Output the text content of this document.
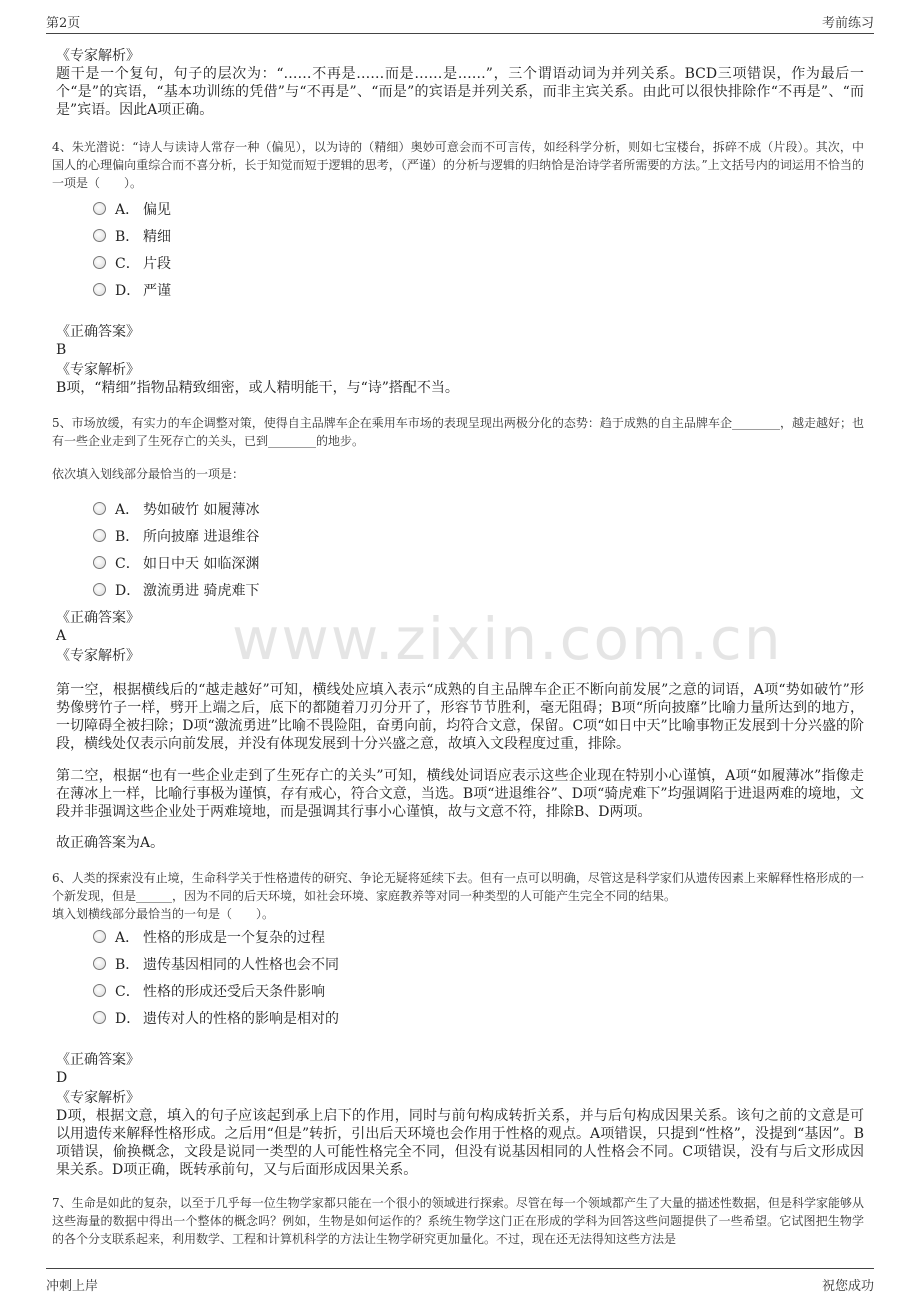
第2页	考前练习
www.zixin.com.cn
《专家解析》
题干是一个复句，句子的层次为：“……不再是……而是……是……”，三个谓语动词为并列关系。BCD三项错误，作为最后一个“是”的宾语，“基本功训练的凭借”与“不再是”、“而是”的宾语是并列关系，而非主宾关系。由此可以很快排除作“不再是”、“而是”宾语。因此A项正确。
4、朱光潜说：“诗人与读诗人常存一种（偏见），以为诗的（精细）奥妙可意会而不可言传，如经科学分析，则如七宝楼台，拆碎不成（片段）。其次，中国人的心理偏向重综合而不喜分析，长于知觉而短于逻辑的思考，（严谨）的分析与逻辑的归纳恰是治诗学者所需要的方法。”上文括号内的词运用不恰当的一项是（　　）。
A． 偏见
B． 精细
C． 片段
D． 严谨
《正确答案》
B
《专家解析》
B项，“精细”指物品精致细密，或人精明能干，与“诗”搭配不当。
5、市场放缓，有实力的车企调整对策，使得自主品牌车企在乘用车市场的表现呈现出两极分化的态势：趋于成熟的自主品牌车企________，越走越好；也有一些企业走到了生死存亡的关头，已到________的地步。
依次填入划线部分最恰当的一项是：
A． 势如破竹 如履薄冰
B． 所向披靡 进退维谷
C． 如日中天 如临深渊
D． 激流勇进 骑虎难下
《正确答案》
A
《专家解析》
第一空，根据横线后的“越走越好”可知，横线处应填入表示“成熟的自主品牌车企正不断向前发展”之意的词语，A项“势如破竹”形势像劈竹子一样，劈开上端之后，底下的都随着刀刃分开了，形容节节胜利，毫无阻碍；B项“所向披靡”比喻力量所达到的地方，一切障碍全被扫除；D项“激流勇进”比喻不畏险阻，奋勇向前，均符合文意，保留。C项“如日中天”比喻事物正发展到十分兴盛的阶段，横线处仅表示向前发展，并没有体现发展到十分兴盛之意，故填入文段程度过重，排除。
第二空，根据“也有一些企业走到了生死存亡的关头”可知，横线处词语应表示这些企业现在特别小心谨慎，A项“如履薄冰”指像走在薄冰上一样，比喻行事极为谨慎，存有戒心，符合文意，当选。B项“进退维谷”、D项“骑虎难下”均强调陷于进退两难的境地，文段并非强调这些企业处于两难境地，而是强调其行事小心谨慎，故与文意不符，排除B、D两项。
故正确答案为A。
6、人类的探索没有止境，生命科学关于性格遗传的研究、争论无疑将延续下去。但有一点可以明确，尽管这是科学家们从遗传因素上来解释性格形成的一个新发现，但是______，因为不同的后天环境，如社会环境、家庭教养等对同一种类型的人可能产生完全不同的结果。
填入划横线部分最恰当的一句是（　　）。
A． 性格的形成是一个复杂的过程
B． 遗传基因相同的人性格也会不同
C． 性格的形成还受后天条件影响
D． 遗传对人的性格的影响是相对的
《正确答案》
D
《专家解析》
D项，根据文意，填入的句子应该起到承上启下的作用，同时与前句构成转折关系，并与后句构成因果关系。该句之前的文意是可以用遗传来解释性格形成。之后用“但是”转折，引出后天环境也会作用于性格的观点。A项错误，只提到“性格”，没提到“基因”。B项错误，偷换概念，文段是说同一类型的人可能性格完全不同，但没有说基因相同的人性格会不同。C项错误，没有与后文形成因果关系。D项正确，既转承前句，又与后面形成因果关系。
7、生命是如此的复杂，以至于几乎每一位生物学家都只能在一个很小的领域进行探索。尽管在每一个领域都产生了大量的描述性数据，但是科学家能够从这些海量的数据中得出一个整体的概念吗？例如，生物是如何运作的？系统生物学这门正在形成的学科为回答这些问题提供了一些希望。它试图把生物学的各个分支联系起来，利用数学、工程和计算机科学的方法让生物学研究更加量化。不过，现在还无法得知这些方法是
冲刺上岸	祝您成功
